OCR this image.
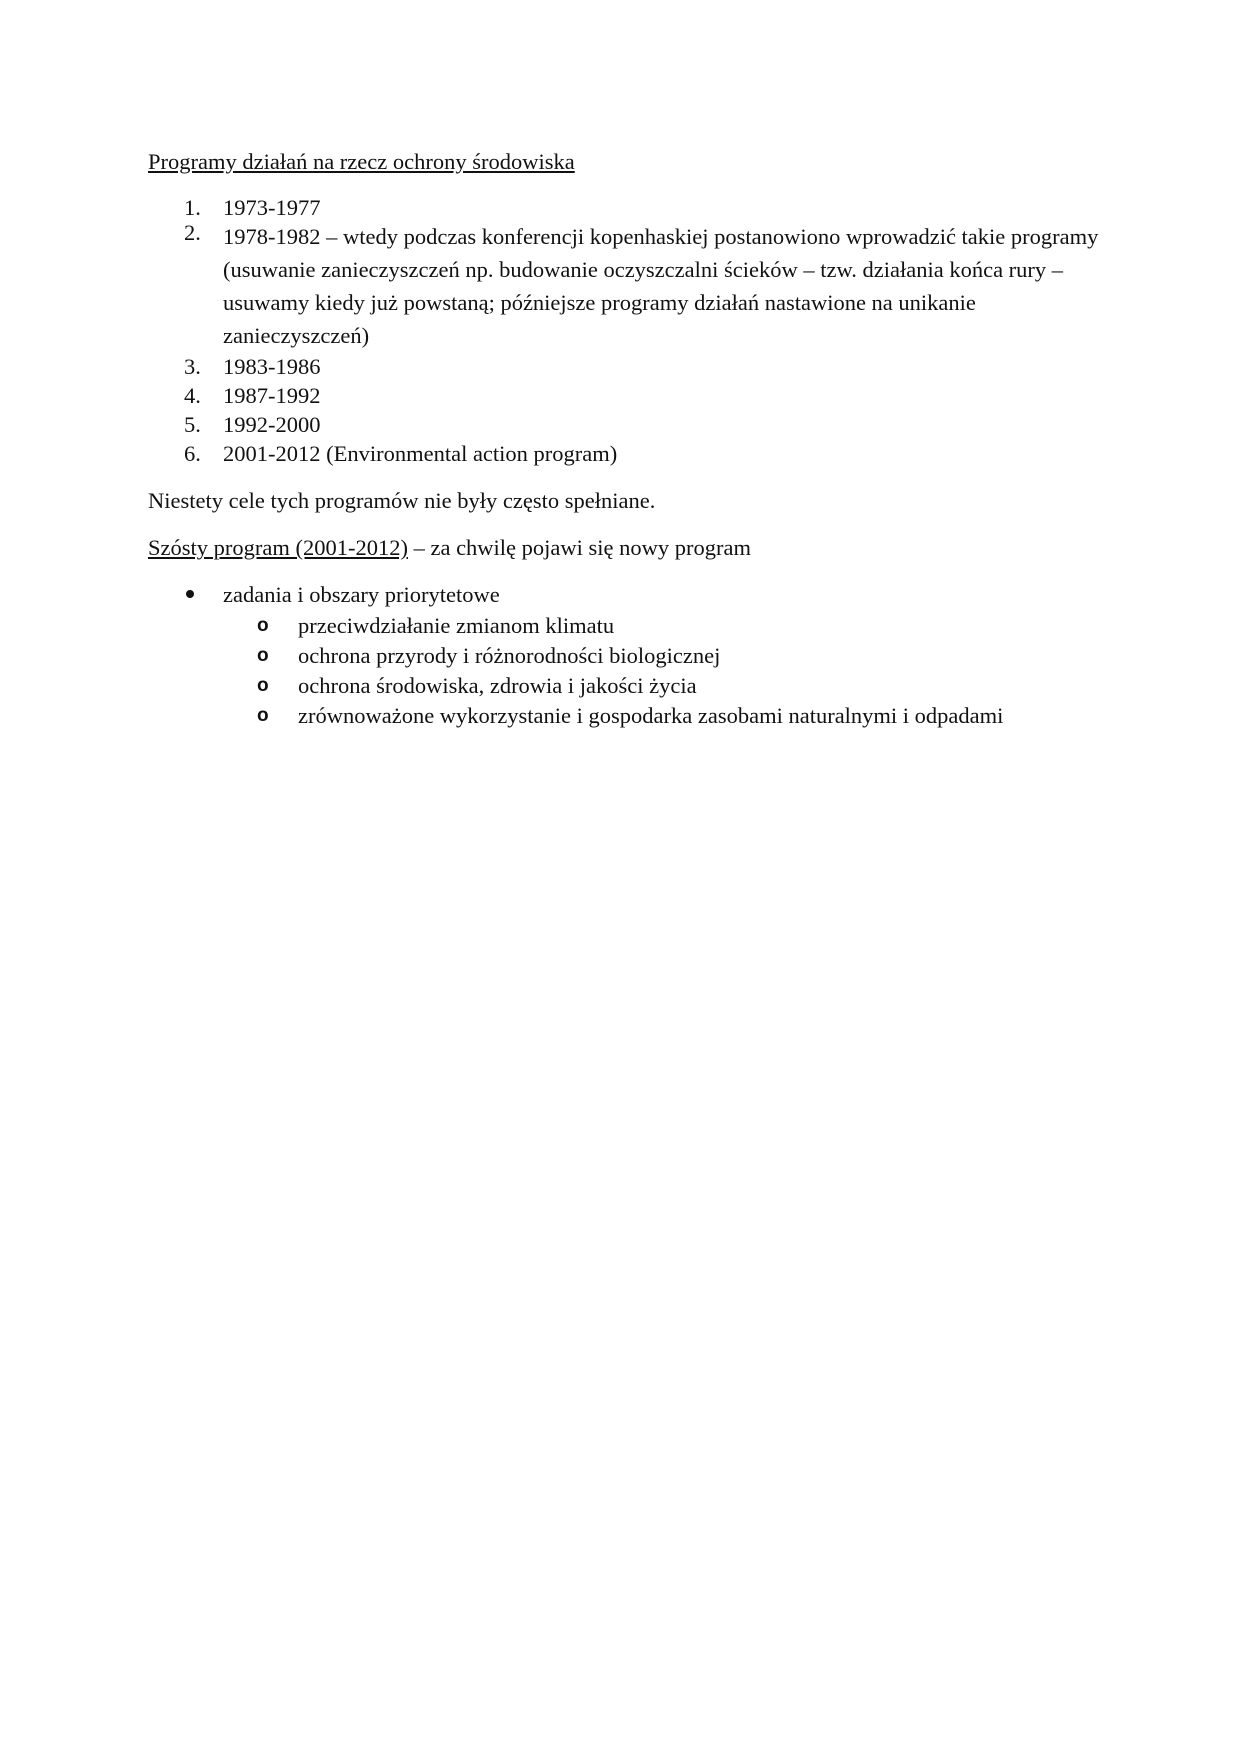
Programy działań na rzecz ochrony środowiska
1. 1973-1977
2. 1978-1982 – wtedy podczas konferencji kopenhaskiej postanowiono wprowadzić takie programy (usuwanie zanieczyszczeń np. budowanie oczyszczalni ścieków – tzw. działania końca rury – usuwamy kiedy już powstaną; późniejsze programy działań nastawione na unikanie zanieczyszczeń)
3. 1983-1986
4. 1987-1992
5. 1992-2000
6. 2001-2012 (Environmental action program)

Niestety cele tych programów nie były często spełniane.

Szósty program (2001-2012) – za chwilę pojawi się nowy program

zadania i obszary priorytetowe
o przeciwdziałanie zmianom klimatu
o ochrona przyrody i różnorodności biologicznej
o ochrona środowiska, zdrowia i jakości życia
o zrównoważone wykorzystanie i gospodarka zasobami naturalnymi i odpadami
